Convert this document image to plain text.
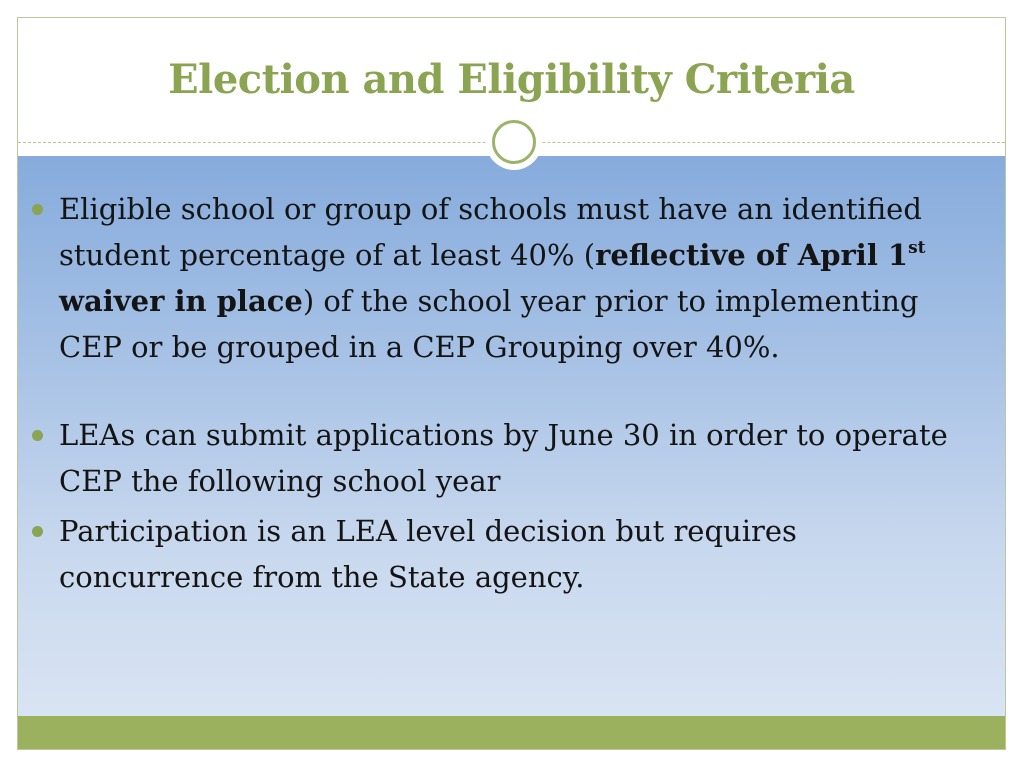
Election and Eligibility Criteria
Eligible school or group of schools must have an identified student percentage of at least 40% (reflective of April 1st waiver in place) of the school year prior to implementing CEP or be grouped in a CEP Grouping over 40%.
LEAs can submit applications by June 30 in order to operate CEP the following school year
Participation is an LEA level decision but requires concurrence from the State agency.
